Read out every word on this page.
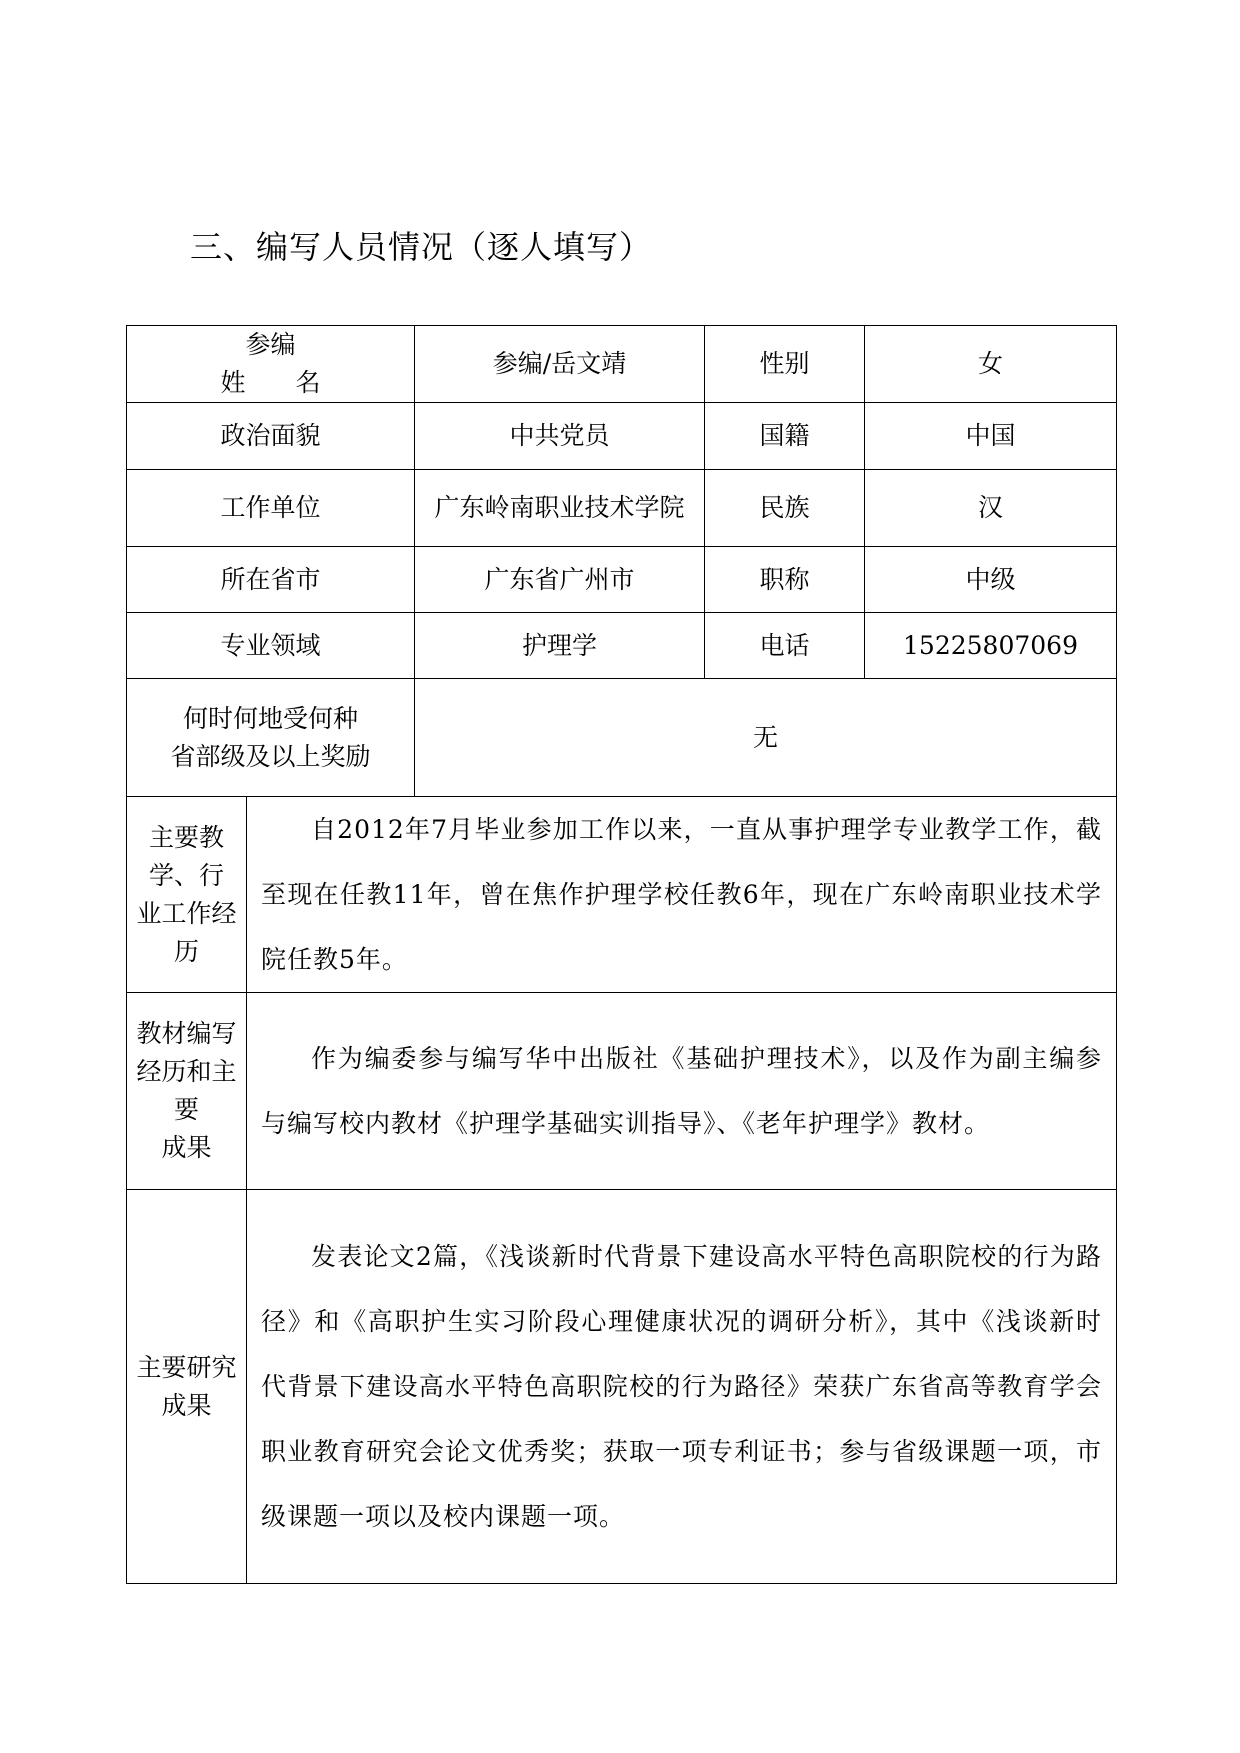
三、编写人员情况（逐人填写）
参编
姓　　名		参编/岳文靖	性别	女
政治面貌		中共党员	国籍	中国
工作单位		广东岭南职业技术学院	民族	汉
所在省市		广东省广州市	职称	中级
专业领域		护理学	电话	15225807069

何时何地受何种
省部级及以上奖励		无		

主要教学、行
业工作经历	自2012年7月毕业参加工作以来，一直从事护理学专业教学工作，截至现在任教11年，曾在焦作护理学校任教6年，现在广东岭南职业技术学院任教5年。			

教材编写
经历和主要
成果	作为编委参与编写华中出版社《基础护理技术》，以及作为副主编参与编写校内教材《护理学基础实训指导》、《老年护理学》教材。			

主要研究
成果	发表论文2篇，《浅谈新时代背景下建设高水平特色高职院校的行为路径》和《高职护生实习阶段心理健康状况的调研分析》，其中《浅谈新时代背景下建设高水平特色高职院校的行为路径》荣获广东省高等教育学会职业教育研究会论文优秀奖；获取一项专利证书；参与省级课题一项，市级课题一项以及校内课题一项。			
